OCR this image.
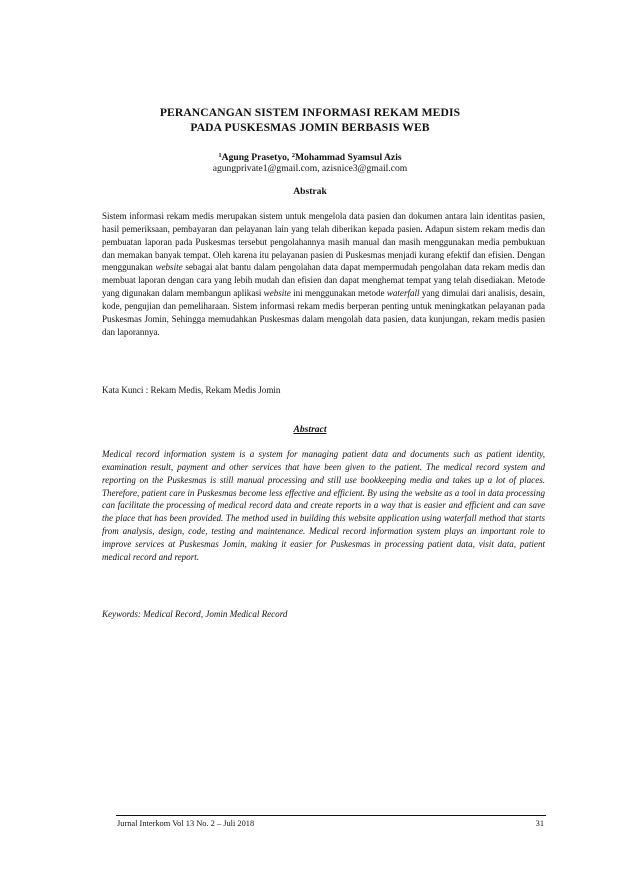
PERANCANGAN SISTEM INFORMASI REKAM MEDIS
PADA PUSKESMAS JOMIN BERBASIS WEB
$^1$Agung Prasetyo, $^2$Mohammad Syamsul Azis
agungprivate1@gmail.com, azisnice3@gmail.com
Abstrak

Sistem informasi rekam medis merupakan sistem untuk mengelola data pasien dan dokumen antara lain identitas pasien, hasil pemeriksaan, pembayaran dan pelayanan lain yang telah diberikan kepada pasien. Adapun sistem rekam medis dan pembuatan laporan pada Puskesmas tersebut pengolahannya masih manual dan masih menggunakan media pembukuan dan memakan banyak tempat. Oleh karena itu pelayanan pasien di Puskesmas menjadi kurang efektif dan efisien. Dengan menggunakan website sebagai alat bantu dalam pengolahan data dapat mempermudah pengolahan data rekam medis dan membuat laporan dengan cara yang lebih mudah dan efisien dan dapat menghemat tempat yang telah disediakan. Metode yang digunakan dalam membangun aplikasi website ini menggunakan metode waterfall yang dimulai dari analisis, desain, kode, pengujian dan pemeliharaan. Sistem informasi rekam medis berperan penting untuk meningkatkan pelayanan pada Puskesmas Jomin, Sehingga memudahkan Puskesmas dalam mengolah data pasien, data kunjungan, rekam medis pasien dan laporannya.

Kata Kunci : Rekam Medis, Rekam Medis Jomin

Abstract

Medical record information system is a system for managing patient data and documents such as patient identity, examination result, payment and other services that have been given to the patient. The medical record system and reporting on the Puskesmas is still manual processing and still use bookkeeping media and takes up a lot of places. Therefore, patient care in Puskesmas become less effective and efficient. By using the website as a tool in data processing can facilitate the processing of medical record data and create reports in a way that is easier and efficient and can save the place that has been provided. The method used in building this website application using waterfall method that starts from analysis, design, code, testing and maintenance. Medical record information system plays an important role to improve services at Puskesmas Jomin, making it easier for Puskesmas in processing patient data, visit data, patient medical record and report.

Keywords: Medical Record, Jomin Medical Record

Jurnal Interkom Vol 13 No. 2 – Juli 2018	31
